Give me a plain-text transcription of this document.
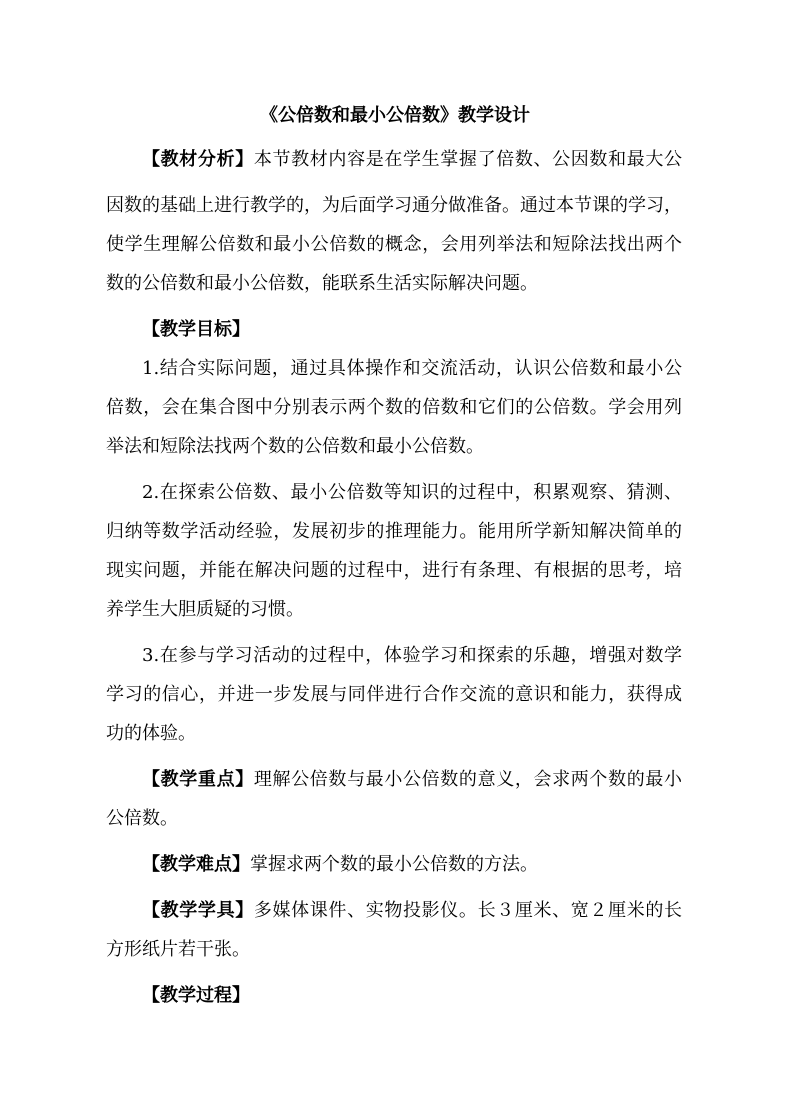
《公倍数和最小公倍数》教学设计
【教材分析】本节教材内容是在学生掌握了倍数、公因数和最大公
因数的基础上进行教学的，为后面学习通分做准备。通过本节课的学习，
使学生理解公倍数和最小公倍数的概念，会用列举法和短除法找出两个
数的公倍数和最小公倍数，能联系生活实际解决问题。
【教学目标】
1.结合实际问题，通过具体操作和交流活动，认识公倍数和最小公
倍数，会在集合图中分别表示两个数的倍数和它们的公倍数。学会用列
举法和短除法找两个数的公倍数和最小公倍数。
2.在探索公倍数、最小公倍数等知识的过程中，积累观察、猜测、
归纳等数学活动经验，发展初步的推理能力。能用所学新知解决简单的
现实问题，并能在解决问题的过程中，进行有条理、有根据的思考，培
养学生大胆质疑的习惯。
3.在参与学习活动的过程中，体验学习和探索的乐趣，增强对数学
学习的信心，并进一步发展与同伴进行合作交流的意识和能力，获得成
功的体验。
【教学重点】理解公倍数与最小公倍数的意义，会求两个数的最小
公倍数。
【教学难点】掌握求两个数的最小公倍数的方法。
【教学学具】多媒体课件、实物投影仪。长３厘米、宽２厘米的长
方形纸片若干张。
【教学过程】
